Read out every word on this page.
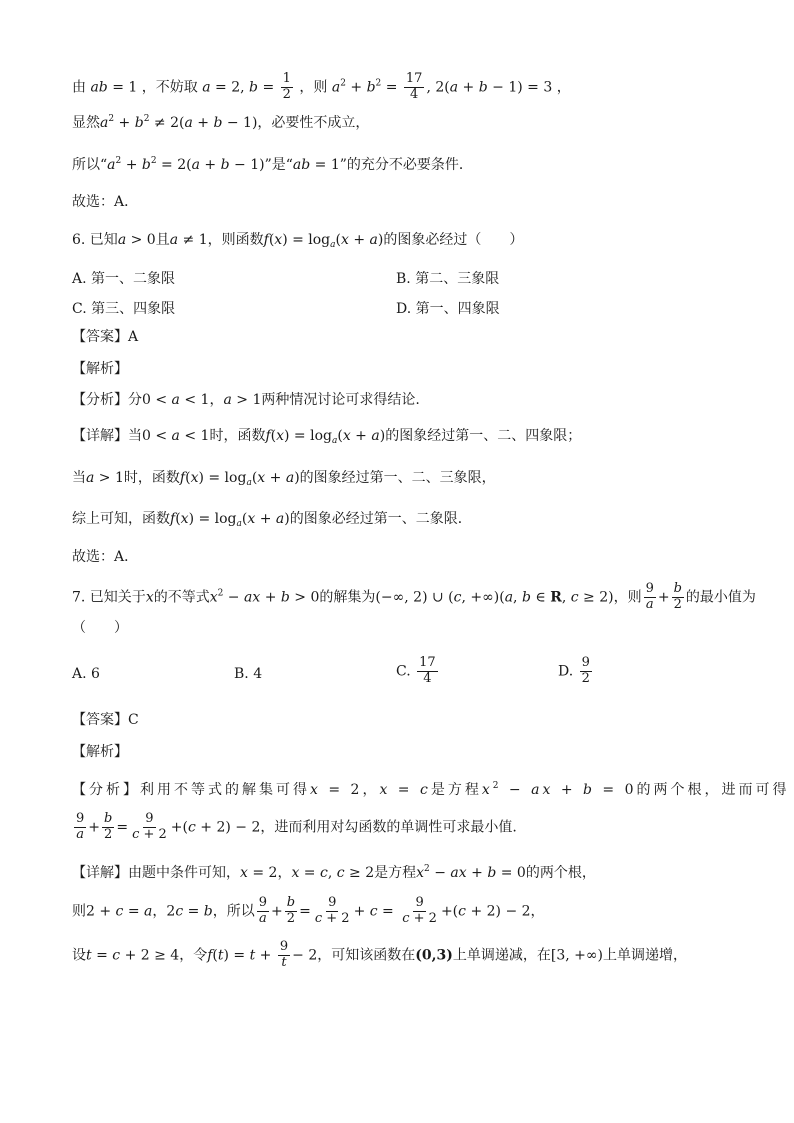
由 ab = 1 ，不妨取 a = 2, $b = \frac{1}{2}$ ，则 $a^2 + b^2 = \frac{17}{4}$ , 2(a + b − 1) = 3 ，
显然$a^2 + b^2 \ne 2(a + b - 1)$，必要性不成立，
所以“$a^2 + b^2 = 2(a + b - 1)$”是“ab = 1”的充分不必要条件．
故选：A．
6. 已知a > 0且a ≠ 1，则函数$f(x) = \log_a(x + a)$的图象必经过（　　）
A. 第一、二象限	B. 第二、三象限
C. 第三、四象限	D. 第一、四象限
【答案】A
【解析】
【分析】分0 < a < 1，a > 1两种情况讨论可求得结论.
【详解】当0 < a < 1时，函数$f(x) = \log_a(x + a)$的图象经过第一、二、四象限；
当a > 1时，函数$f(x) = \log_a(x + a)$的图象经过第一、二、三象限，
综上可知，函数$f(x) = \log_a(x + a)$的图象必经过第一、二象限．
故选：A．
7. 已知关于x的不等式$x^2$ − ax + b > 0的解集为(−∞, 2) ∪ (c, +∞)(a, b ∈ R, c ≥ 2)，则 $\frac{9}{a} + \frac{b}{2}$ 的最小值为
（　　）
A. 6	B. 4	C. $\frac{17}{4}$	D. $\frac{9}{2}$
【答案】C
【解析】
【分析】利用不等式的解集可得x = 2，x = c是方程$x^2$ − ax + b = 0的两个根，进而可得
$\frac{9}{a} + \frac{b}{2} = \frac{9}{c + 2} +(c + 2) - 2$，进而利用对勾函数的单调性可求最小值.
【详解】由题中条件可知，x = 2，x = c, c ≥ 2是方程$x^2$ − ax + b = 0的两个根，
则2 + c = a，2c = b，所以 $\frac{9}{a} + \frac{b}{2} = \frac{9}{c + 2} + c = \frac{9}{c + 2} +(c + 2) - 2$，
设t = c + 2 ≥ 4，令$f(t) = t + \frac{9}{t} - 2$，可知该函数在(0,3)上单调递减，在[3, +∞)上单调递增，
